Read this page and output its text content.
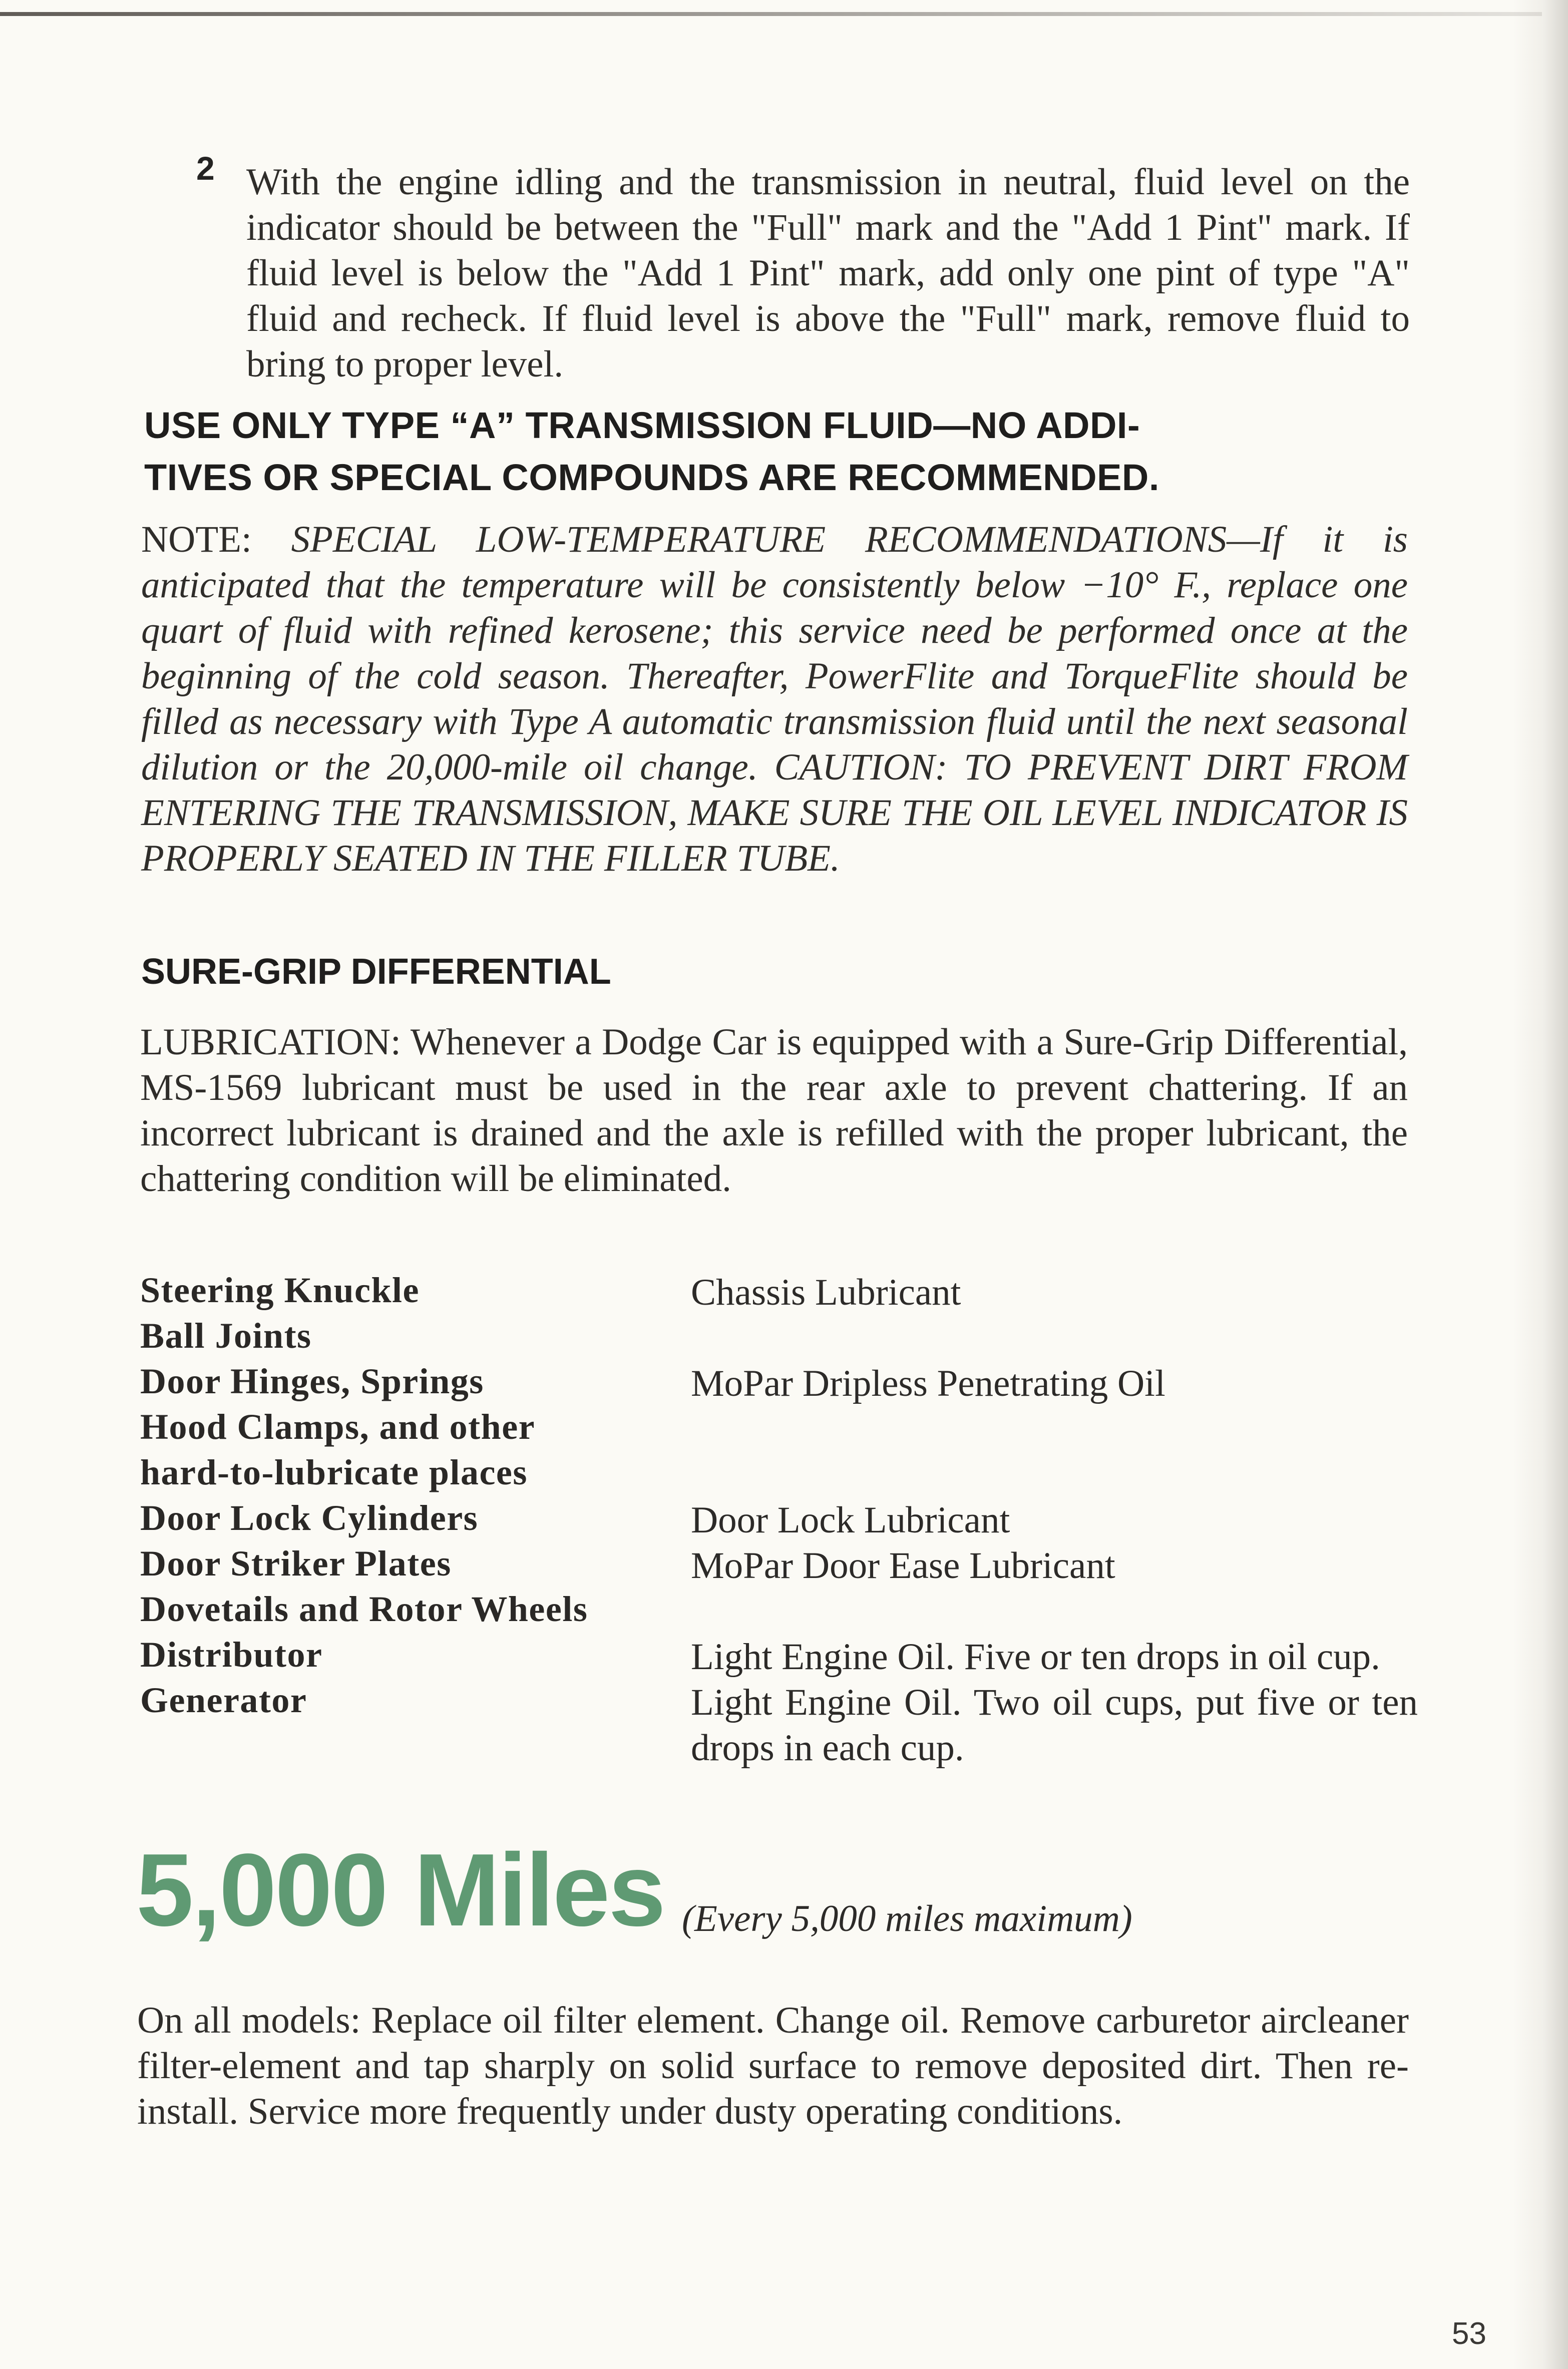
2 With the engine idling and the transmission in neutral, fluid level on the indicator should be between the "Full" mark and the "Add 1 Pint" mark. If fluid level is below the "Add 1 Pint" mark, add only one pint of type "A" fluid and recheck. If fluid level is above the "Full" mark, remove fluid to bring to proper level.
USE ONLY TYPE “A” TRANSMISSION FLUID—NO ADDI-
TIVES OR SPECIAL COMPOUNDS ARE RECOMMENDED.
NOTE: SPECIAL LOW-TEMPERATURE RECOMMENDATIONS—If it is anticipated that the temperature will be consistently below −10° F., replace one quart of fluid with refined kerosene; this service need be performed once at the beginning of the cold season. Thereafter, PowerFlite and TorqueFlite should be filled as necessary with Type A automatic transmission fluid until the next seasonal dilution or the 20,000-mile oil change. CAUTION: TO PREVENT DIRT FROM ENTERING THE TRANSMISSION, MAKE SURE THE OIL LEVEL INDICATOR IS PROPERLY SEATED IN THE FILLER TUBE.
SURE-GRIP DIFFERENTIAL
LUBRICATION: Whenever a Dodge Car is equipped with a Sure-Grip Differential, MS-1569 lubricant must be used in the rear axle to prevent chattering. If an incorrect lubricant is drained and the axle is refilled with the proper lubricant, the chattering condition will be eliminated.
Steering Knuckle	Chassis Lubricant
Ball Joints
Door Hinges, Springs	MoPar Dripless Penetrating Oil
Hood Clamps, and other
hard-to-lubricate places
Door Lock Cylinders	Door Lock Lubricant
Door Striker Plates	MoPar Door Ease Lubricant
Dovetails and Rotor Wheels
Distributor	Light Engine Oil. Five or ten drops in oil cup.
Generator	Light Engine Oil. Two oil cups, put five or ten drops in each cup.
5,000 Miles (Every 5,000 miles maximum)
On all models: Replace oil filter element. Change oil. Remove carburetor aircleaner filter-element and tap sharply on solid surface to remove deposited dirt. Then re-install. Service more frequently under dusty operating conditions.
53
